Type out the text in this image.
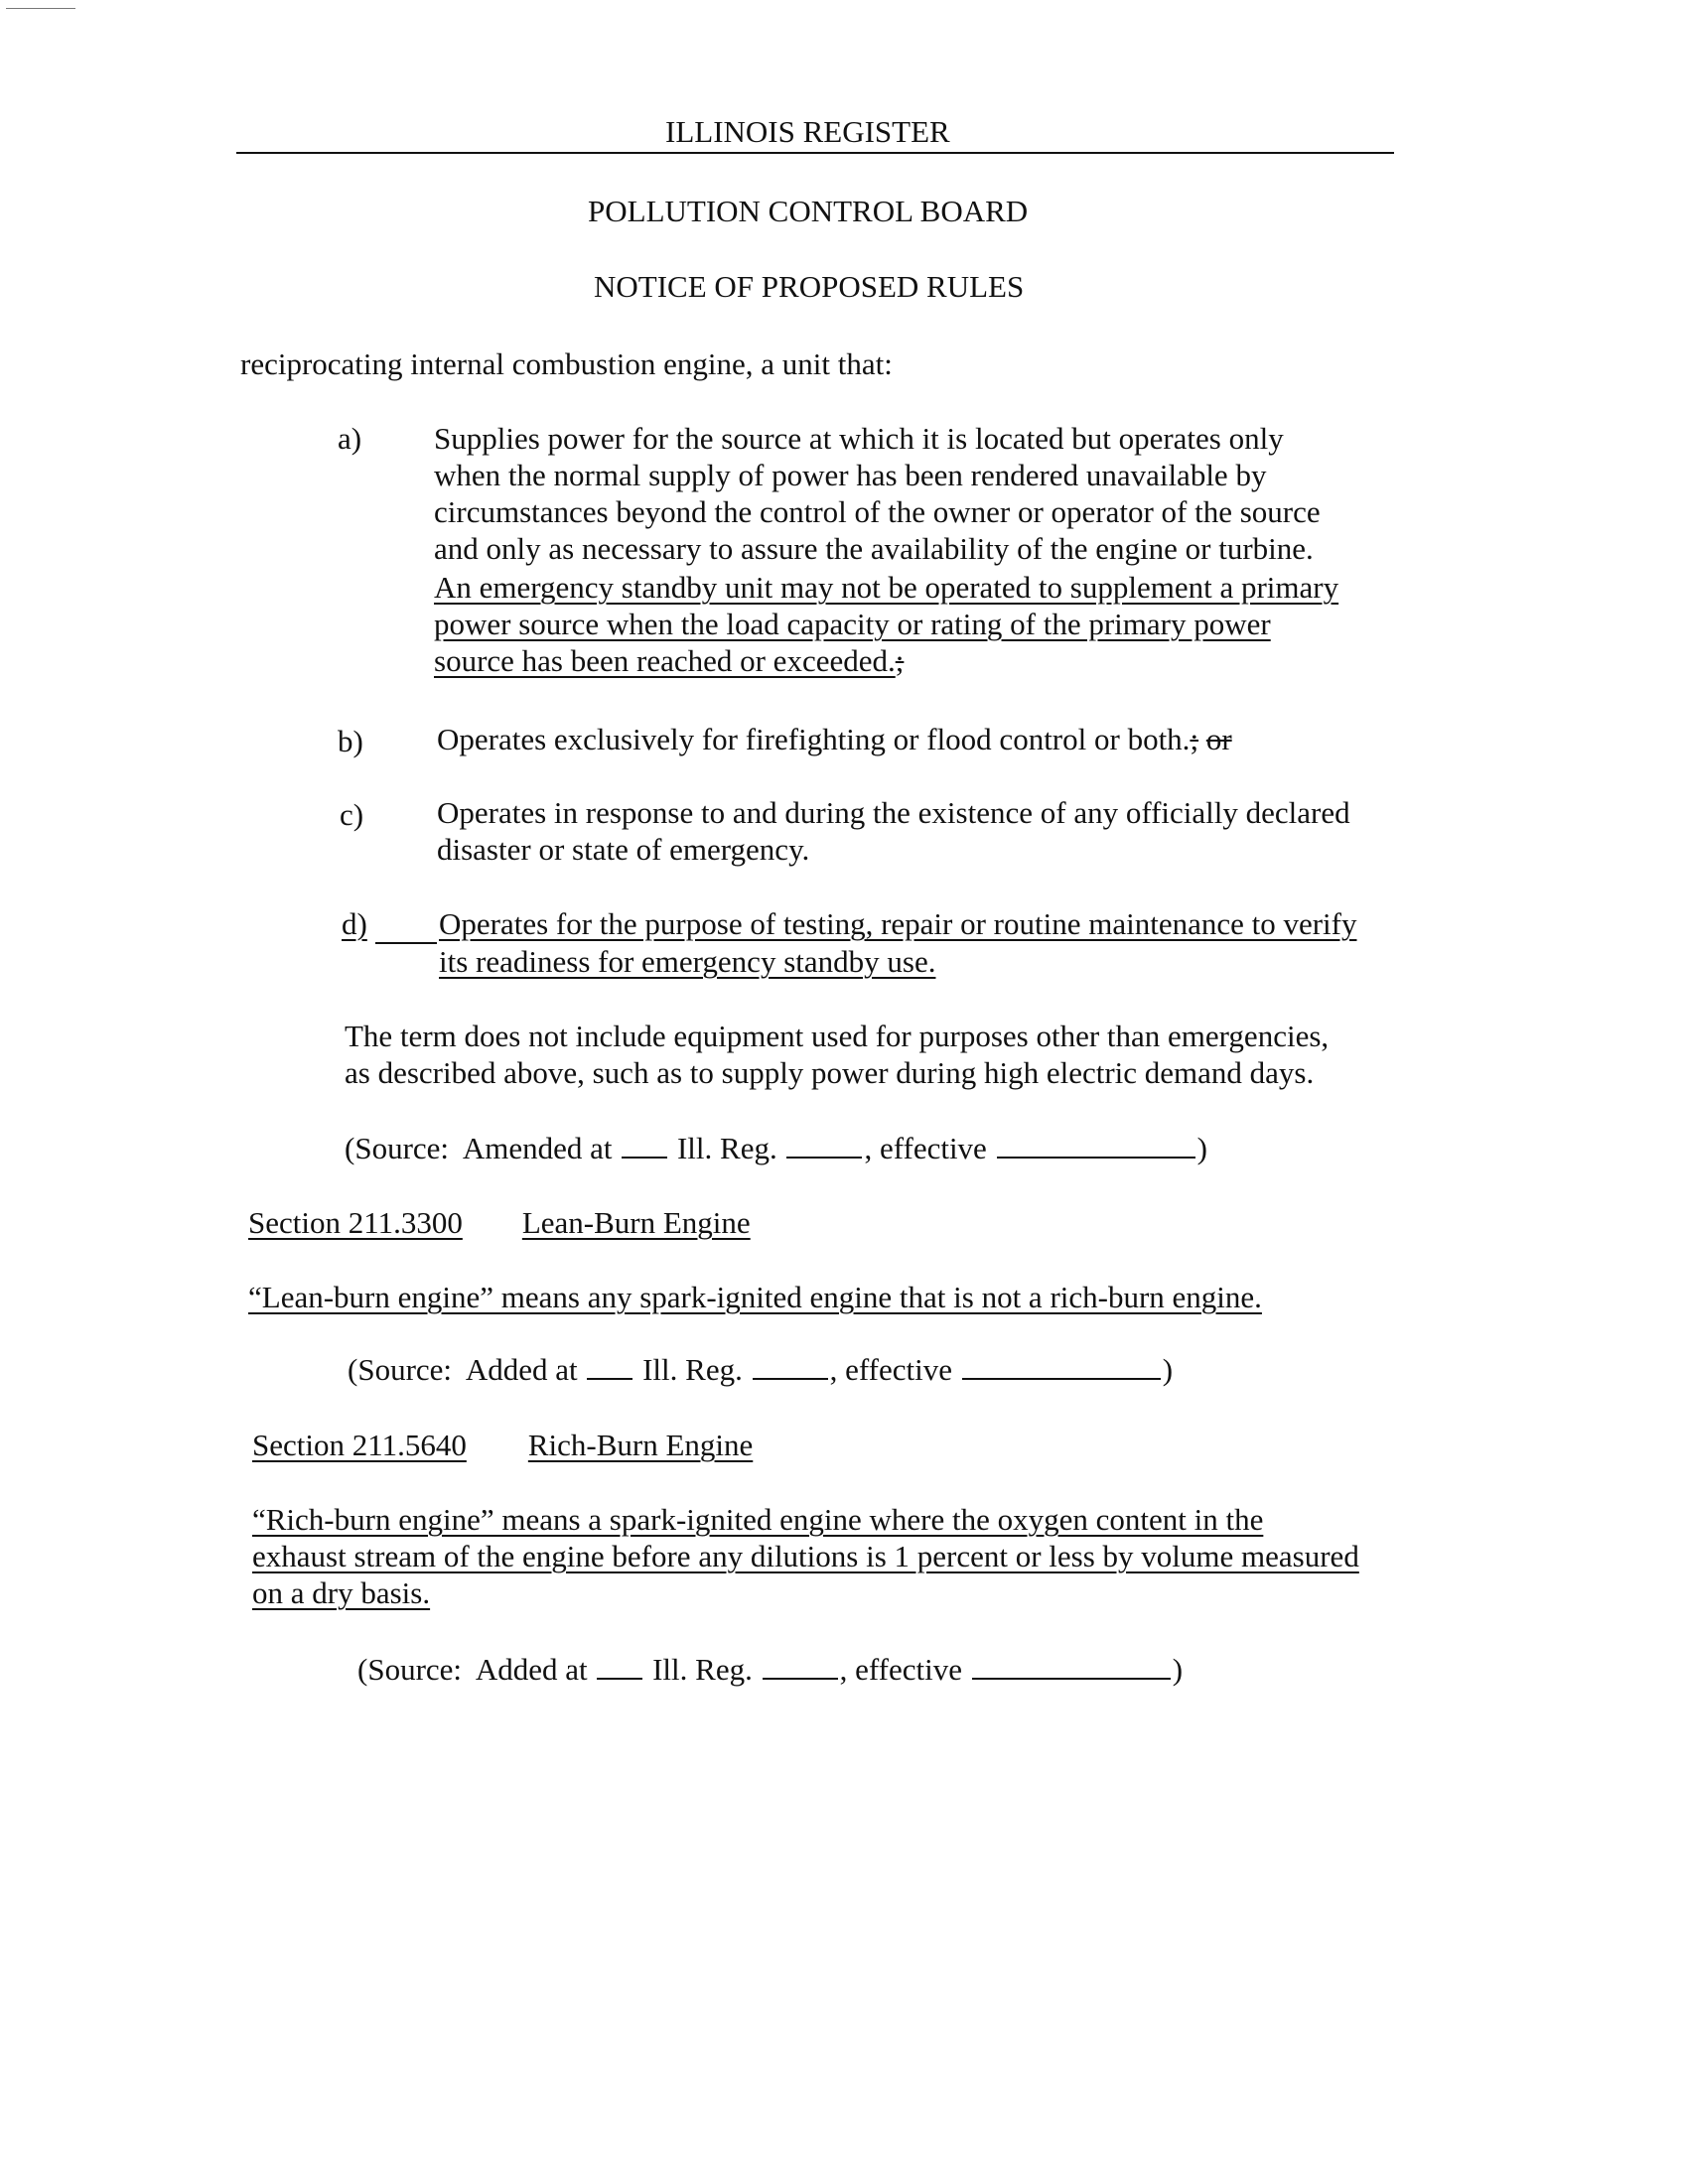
ILLINOIS REGISTER
POLLUTION CONTROL BOARD
NOTICE OF PROPOSED RULES
reciprocating internal combustion engine, a unit that:
a) Supplies power for the source at which it is located but operates only
when the normal supply of power has been rendered unavailable by
circumstances beyond the control of the owner or operator of the source
and only as necessary to assure the availability of the engine or turbine.
An emergency standby unit may not be operated to supplement a primary
power source when the load capacity or rating of the primary power
source has been reached or exceeded.;
b) Operates exclusively for firefighting or flood control or both.; or
c) Operates in response to and during the existence of any officially declared
disaster or state of emergency.
d)	Operates for the purpose of testing, repair or routine maintenance to verify
its readiness for emergency standby use.
The term does not include equipment used for purposes other than emergencies,
as described above, such as to supply power during high electric demand days.
(Source: Amended at Ill. Reg.	, effective	)
Section 211.3300 Lean-Burn Engine
“Lean-burn engine” means any spark-ignited engine that is not a rich-burn engine.
(Source: Added at Ill. Reg.	, effective	)
Section 211.5640 Rich-Burn Engine
“Rich-burn engine” means a spark-ignited engine where the oxygen content in the
exhaust stream of the engine before any dilutions is 1 percent or less by volume measured
on a dry basis.
(Source: Added at Ill. Reg.	, effective	)
